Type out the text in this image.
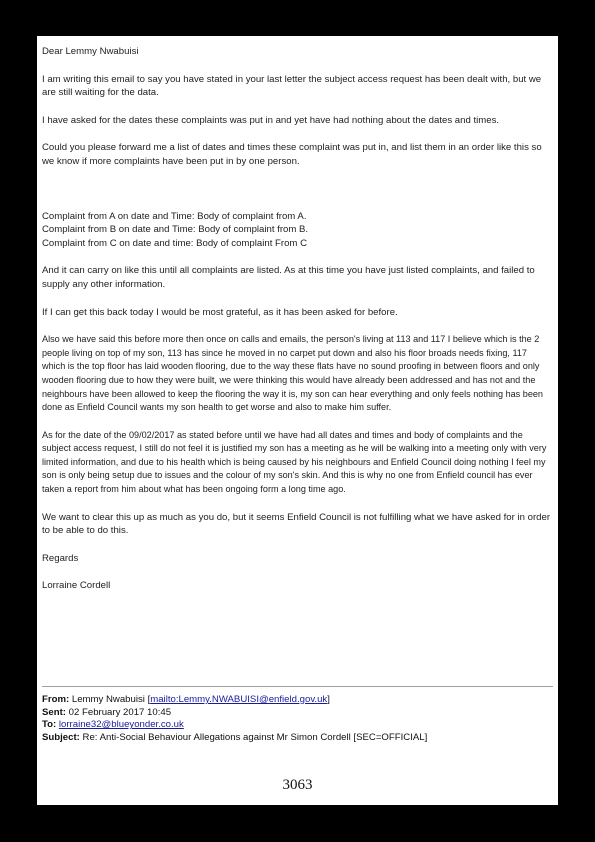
Dear Lemmy Nwabuisi

I am writing this email to say you have stated in your last letter the subject access request has been dealt with, but we are still waiting for the data.

I have asked for the dates these complaints was put in and yet have had nothing about the dates and times.

Could you please forward me a list of dates and times these complaint was put in, and list them in an order like this so we know if more complaints have been put in by one person.

Complaint from A on date and Time: Body of complaint from A.

Complaint from B on date and Time: Body of complaint from B.

Complaint from C on date and time: Body of complaint From C

And it can carry on like this until all complaints are listed. As at this time you have just listed complaints, and failed to supply any other information.

If I can get this back today I would be most grateful, as it has been asked for before.

Also we have said this before more then once on calls and emails, the person's living at 113 and 117 I believe which is the 2 people living on top of my son, 113 has since he moved in no carpet put down and also his floor broads needs fixing, 117 which is the top floor has laid wooden flooring, due to the way these flats have no sound proofing in between floors and only wooden flooring due to how they were built, we were thinking this would have already been addressed and has not and the neighbours have been allowed to keep the flooring the way it is, my son can hear everything and only feels nothing has been done as Enfield Council wants my son health to get worse and also to make him suffer.

As for the date of the 09/02/2017 as stated before until we have had all dates and times and body of complaints and the subject access request, I still do not feel it is justified my son has a meeting as he will be walking into a meeting only with very limited information, and due to his health which is being caused by his neighbours and Enfield Council doing nothing I feel my son is only being setup due to issues and the colour of my son's skin. And this is why no one from Enfield council has ever taken a report from him about what has been ongoing form a long time ago.

We want to clear this up as much as you do, but it seems Enfield Council is not fulfilling what we have asked for in order to be able to do this.

Regards

Lorraine Cordell

From: Lemmy Nwabuisi [mailto:Lemmy.NWABUISI@enfield.gov.uk]
Sent: 02 February 2017 10:45
To: lorraine32@blueyonder.co.uk
Subject: Re: Anti-Social Behaviour Allegations against Mr Simon Cordell [SEC=OFFICIAL]
3063
